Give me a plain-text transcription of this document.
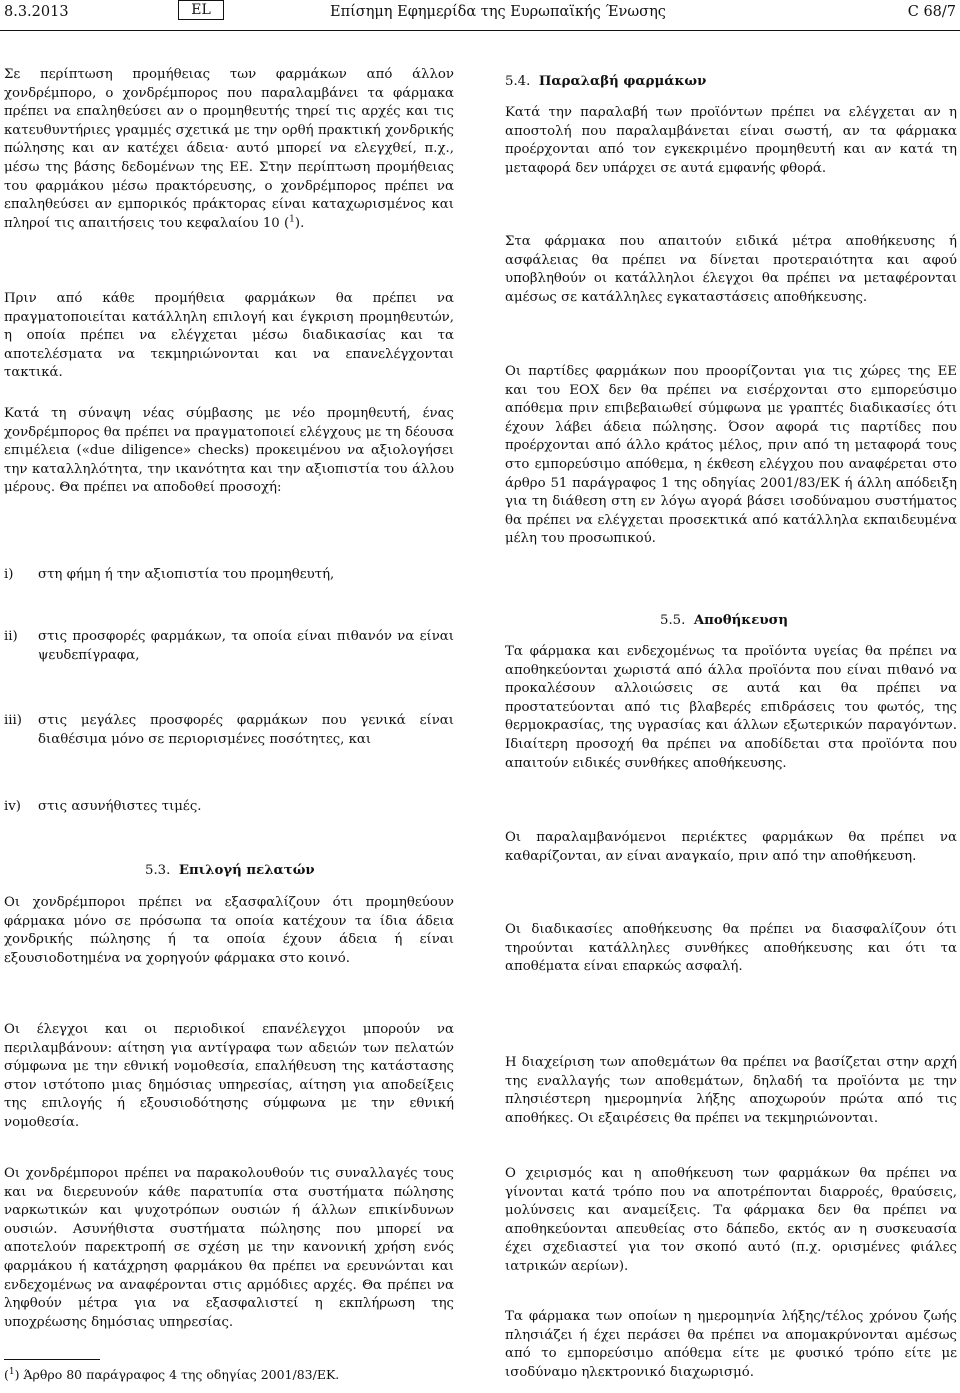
8.3.2013	EL	Επίσημη Εφημερίδα της Ευρωπαϊκής Ένωσης	C 68/7
Σε περίπτωση προμήθειας των φαρμάκων από άλλον χονδρέμπορο, ο χονδρέμπορος που παραλαμβάνει τα φάρμακα πρέπει να επαληθεύσει αν ο προμηθευτής τηρεί τις αρχές και τις κατευθυντήριες γραμμές σχετικά με την ορθή πρακτική χονδρικής πώλησης και αν κατέχει άδεια· αυτό μπορεί να ελεγχθεί, π.χ., μέσω της βάσης δεδομένων της ΕΕ. Στην περίπτωση προμήθειας του φαρμάκου μέσω πρακτόρευσης, ο χονδρέμπορος πρέπει να επαληθεύσει αν εμπορικός πράκτορας είναι καταχωρισμένος και πληροί τις απαιτήσεις του κεφαλαίου 10 ($^1$).
Πριν από κάθε προμήθεια φαρμάκων θα πρέπει να πραγματοποιείται κατάλληλη επιλογή και έγκριση προμηθευτών, η οποία πρέπει να ελέγχεται μέσω διαδικασίας και τα αποτελέσματα να τεκμηριώνονται και να επανελέγχονται τακτικά.
Κατά τη σύναψη νέας σύμβασης με νέο προμηθευτή, ένας χονδρέμπορος θα πρέπει να πραγματοποιεί ελέγχους με τη δέουσα επιμέλεια («due diligence» checks) προκειμένου να αξιολογήσει την καταλληλότητα, την ικανότητα και την αξιοπιστία του άλλου μέρους. Θα πρέπει να αποδοθεί προσοχή:
i) στη φήμη ή την αξιοπιστία του προμηθευτή,
ii) στις προσφορές φαρμάκων, τα οποία είναι πιθανόν να είναι ψευδεπίγραφα,
iii) στις μεγάλες προσφορές φαρμάκων που γενικά είναι διαθέσιμα μόνο σε περιορισμένες ποσότητες, και
iv) στις ασυνήθιστες τιμές.
5.3. Επιλογή πελατών
Οι χονδρέμποροι πρέπει να εξασφαλίζουν ότι προμηθεύουν φάρμακα μόνο σε πρόσωπα τα οποία κατέχουν τα ίδια άδεια χονδρικής πώλησης ή τα οποία έχουν άδεια ή είναι εξουσιοδοτημένα να χορηγούν φάρμακα στο κοινό.
Οι έλεγχοι και οι περιοδικοί επανέλεγχοι μπορούν να περιλαμβάνουν: αίτηση για αντίγραφα των αδειών των πελατών σύμφωνα με την εθνική νομοθεσία, επαλήθευση της κατάστασης στον ιστότοπο μιας δημόσιας υπηρεσίας, αίτηση για αποδείξεις της επιλογής ή εξουσιοδότησης σύμφωνα με την εθνική νομοθεσία.
Οι χονδρέμποροι πρέπει να παρακολουθούν τις συναλλαγές τους και να διερευνούν κάθε παρατυπία στα συστήματα πώλησης ναρκωτικών και ψυχοτρόπων ουσιών ή άλλων επικίνδυνων ουσιών. Ασυνήθιστα συστήματα πώλησης που μπορεί να αποτελούν παρεκτροπή σε σχέση με την κανονική χρήση ενός φαρμάκου ή κατάχρηση φαρμάκου θα πρέπει να ερευνώνται και ενδεχομένως να αναφέρονται στις αρμόδιες αρχές. Θα πρέπει να ληφθούν μέτρα για να εξασφαλιστεί η εκπλήρωση της υποχρέωσης δημόσιας υπηρεσίας.
($^1$) Άρθρο 80 παράγραφος 4 της οδηγίας 2001/83/ΕΚ.
5.4. Παραλαβή φαρμάκων
Κατά την παραλαβή των προϊόντων πρέπει να ελέγχεται αν η αποστολή που παραλαμβάνεται είναι σωστή, αν τα φάρμακα προέρχονται από τον εγκεκριμένο προμηθευτή και αν κατά τη μεταφορά δεν υπάρχει σε αυτά εμφανής φθορά.
Στα φάρμακα που απαιτούν ειδικά μέτρα αποθήκευσης ή ασφάλειας θα πρέπει να δίνεται προτεραιότητα και αφού υποβληθούν οι κατάλληλοι έλεγχοι θα πρέπει να μεταφέρονται αμέσως σε κατάλληλες εγκαταστάσεις αποθήκευσης.
Οι παρτίδες φαρμάκων που προορίζονται για τις χώρες της ΕΕ και του ΕΟΧ δεν θα πρέπει να εισέρχονται στο εμπορεύσιμο απόθεμα πριν επιβεβαιωθεί σύμφωνα με γραπτές διαδικασίες ότι έχουν λάβει άδεια πώλησης. Όσον αφορά τις παρτίδες που προέρχονται από άλλο κράτος μέλος, πριν από τη μεταφορά τους στο εμπορεύσιμο απόθεμα, η έκθεση ελέγχου που αναφέρεται στο άρθρο 51 παράγραφος 1 της οδηγίας 2001/83/ΕΚ ή άλλη απόδειξη για τη διάθεση στη εν λόγω αγορά βάσει ισοδύναμου συστήματος θα πρέπει να ελέγχεται προσεκτικά από κατάλληλα εκπαιδευμένα μέλη του προσωπικού.
5.5. Αποθήκευση
Τα φάρμακα και ενδεχομένως τα προϊόντα υγείας θα πρέπει να αποθηκεύονται χωριστά από άλλα προϊόντα που είναι πιθανό να προκαλέσουν αλλοιώσεις σε αυτά και θα πρέπει να προστατεύονται από τις βλαβερές επιδράσεις του φωτός, της θερμοκρασίας, της υγρασίας και άλλων εξωτερικών παραγόντων. Ιδιαίτερη προσοχή θα πρέπει να αποδίδεται στα προϊόντα που απαιτούν ειδικές συνθήκες αποθήκευσης.
Οι παραλαμβανόμενοι περιέκτες φαρμάκων θα πρέπει να καθαρίζονται, αν είναι αναγκαίο, πριν από την αποθήκευση.
Οι διαδικασίες αποθήκευσης θα πρέπει να διασφαλίζουν ότι τηρούνται κατάλληλες συνθήκες αποθήκευσης και ότι τα αποθέματα είναι επαρκώς ασφαλή.
Η διαχείριση των αποθεμάτων θα πρέπει να βασίζεται στην αρχή της εναλλαγής των αποθεμάτων, δηλαδή τα προϊόντα με την πλησιέστερη ημερομηνία λήξης αποχωρούν πρώτα από τις αποθήκες. Οι εξαιρέσεις θα πρέπει να τεκμηριώνονται.
Ο χειρισμός και η αποθήκευση των φαρμάκων θα πρέπει να γίνονται κατά τρόπο που να αποτρέπονται διαρροές, θραύσεις, μολύνσεις και αναμείξεις. Τα φάρμακα δεν θα πρέπει να αποθηκεύονται απευθείας στο δάπεδο, εκτός αν η συσκευασία έχει σχεδιαστεί για τον σκοπό αυτό (π.χ. ορισμένες φιάλες ιατρικών αερίων).
Τα φάρμακα των οποίων η ημερομηνία λήξης/τέλος χρόνου ζωής πλησιάζει ή έχει περάσει θα πρέπει να απομακρύνονται αμέσως από το εμπορεύσιμο απόθεμα είτε με φυσικό τρόπο είτε με ισοδύναμο ηλεκτρονικό διαχωρισμό.
